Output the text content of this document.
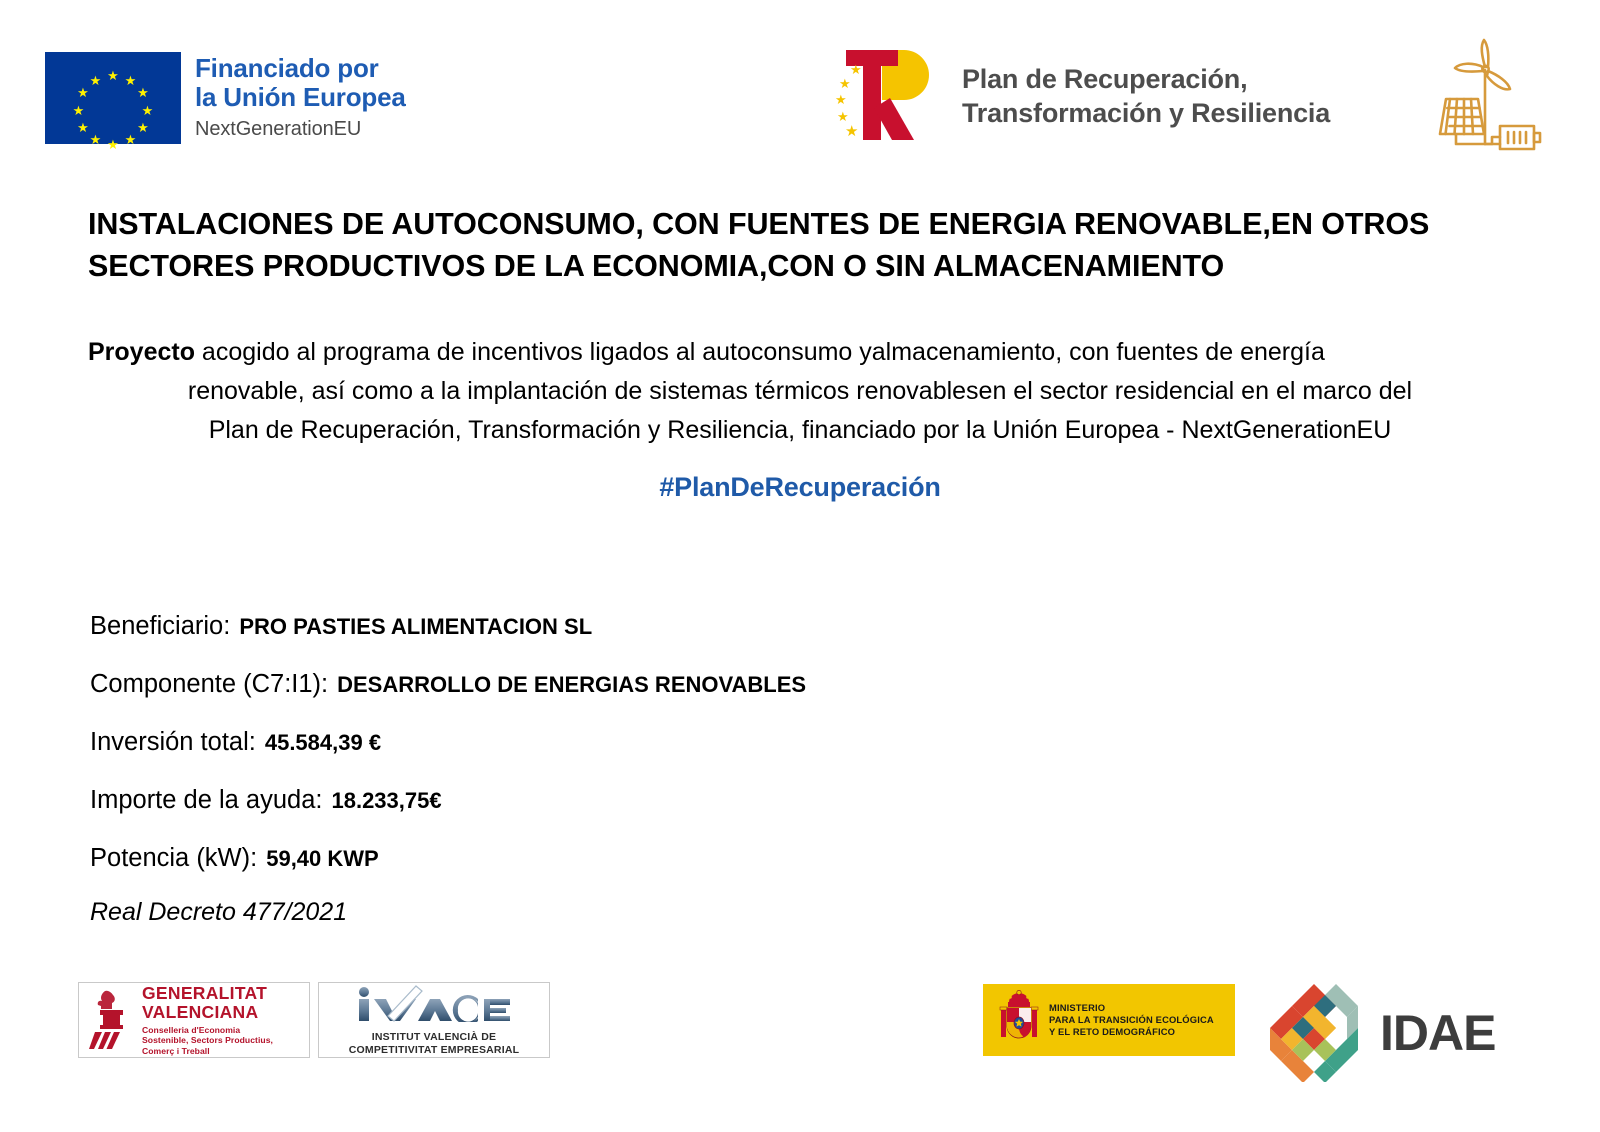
★
★ ★
★	★
★	★
★	★
★ ★
★
Financiado por
la Unión Europea
NextGenerationEU
★
★
★
★
★
Plan de Recuperación,
Transformación y Resiliencia
INSTALACIONES DE AUTOCONSUMO, CON FUENTES DE ENERGIA RENOVABLE,EN OTROS SECTORES PRODUCTIVOS DE LA ECONOMIA,CON O SIN ALMACENAMIENTO
Proyecto acogido al programa de incentivos ligados al autoconsumo yalmacenamiento, con fuentes de energía
renovable, así como a la implantación de sistemas térmicos renovablesen el sector residencial en el marco del
Plan de Recuperación, Transformación y Resiliencia, financiado por la Unión Europea - NextGenerationEU
#PlanDeRecuperación
Beneficiario: PRO PASTIES ALIMENTACION SL
Componente (C7:I1): DESARROLLO DE ENERGIAS RENOVABLES
Inversión total: 45.584,39 €
Importe de la ayuda: 18.233,75€
Potencia (kW): 59,40 KWP
Real Decreto 477/2021
GENERALITAT
VALENCIANA
Conselleria d'Economia
Sostenible, Sectors Productius,
Comerç i Treball
INSTITUT VALENCIÀ DE
COMPETITIVITAT EMPRESARIAL
MINISTERIO
PARA LA TRANSICIÓN ECOLÓGICA
Y EL RETO DEMOGRÁFICO	IDAE
